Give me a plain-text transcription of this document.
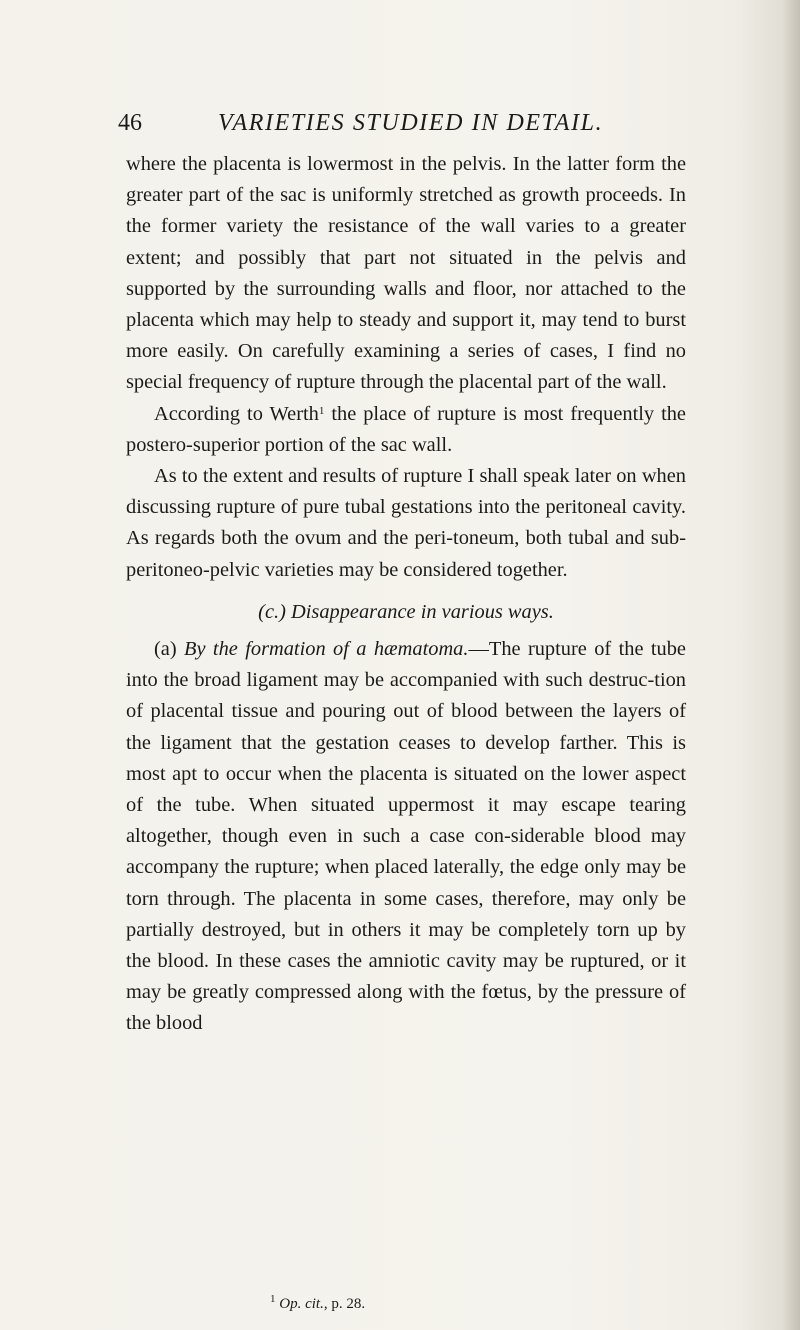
46	VARIETIES STUDIED IN DETAIL.

where the placenta is lowermost in the pelvis. In the latter form the greater part of the sac is uniformly stretched as growth proceeds. In the former variety the resistance of the wall varies to a greater extent; and possibly that part not situated in the pelvis and supported by the surrounding walls and floor, nor attached to the placenta which may help to steady and support it, may tend to burst more easily. On carefully examining a series of cases, I find no special frequency of rupture through the placental part of the wall.

According to Werth$^1$ the place of rupture is most frequently the postero-superior portion of the sac wall.

As to the extent and results of rupture I shall speak later on when discussing rupture of pure tubal gestations into the peritoneal cavity. As regards both the ovum and the peri-toneum, both tubal and sub-peritoneo-pelvic varieties may be considered together.

(c.) Disappearance in various ways.

(a) By the formation of a hæmatoma.—The rupture of the tube into the broad ligament may be accompanied with such destruc-tion of placental tissue and pouring out of blood between the layers of the ligament that the gestation ceases to develop farther. This is most apt to occur when the placenta is situated on the lower aspect of the tube. When situated uppermost it may escape tearing altogether, though even in such a case con-siderable blood may accompany the rupture; when placed laterally, the edge only may be torn through. The placenta in some cases, therefore, may only be partially destroyed, but in others it may be completely torn up by the blood. In these cases the amniotic cavity may be ruptured, or it may be greatly compressed along with the fœtus, by the pressure of the blood

$^1$ Op. cit., p. 28.
